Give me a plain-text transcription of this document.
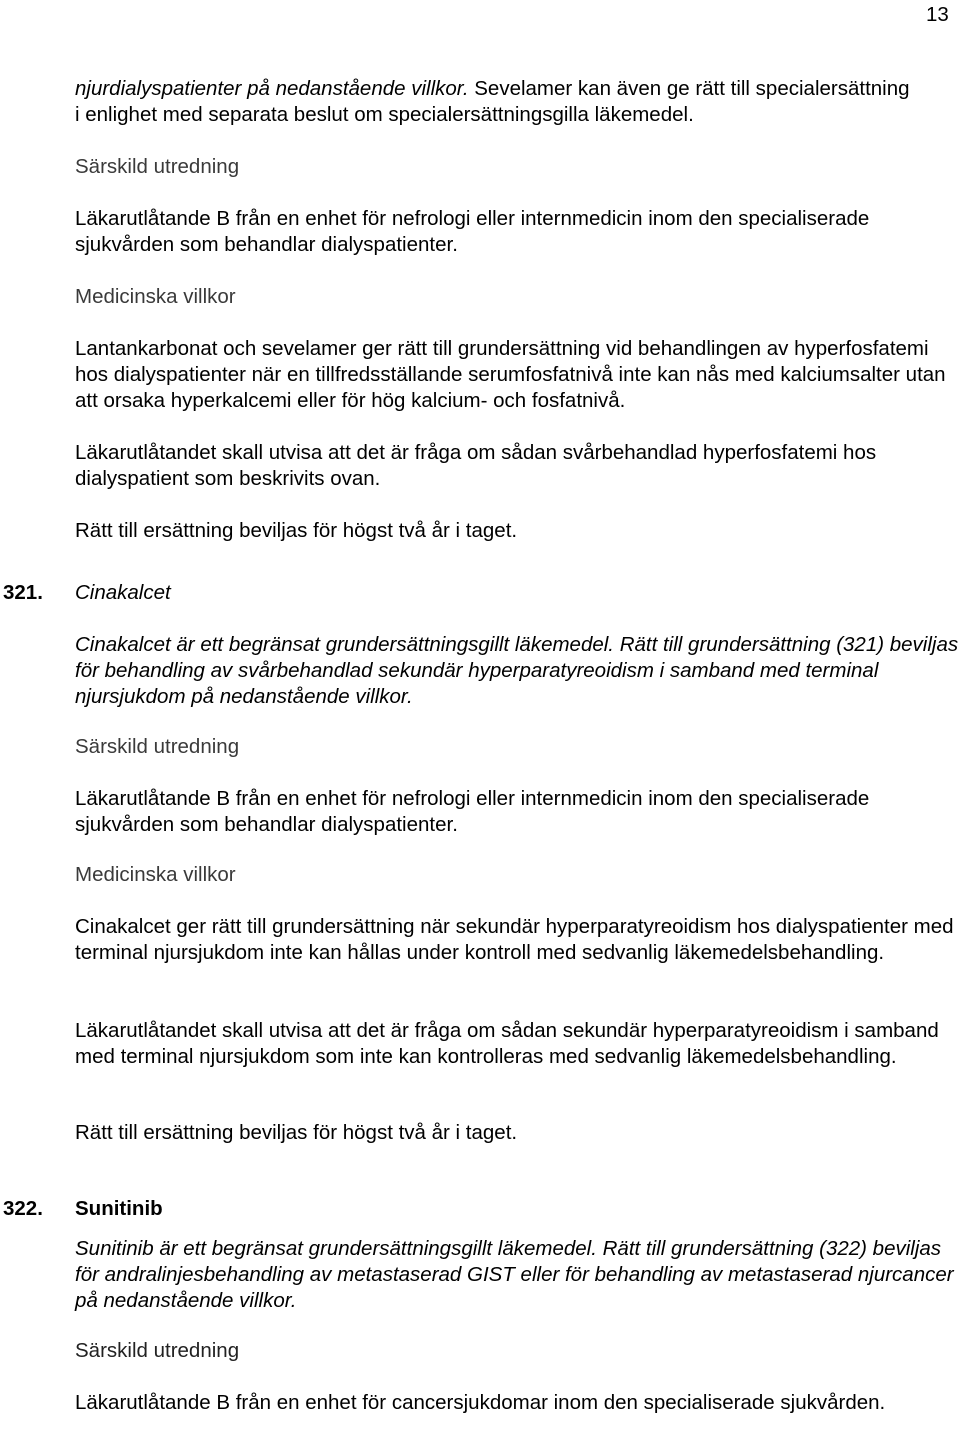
13

njurdialyspatienter på nedanstående villkor. Sevelamer kan även ge rätt till specialersättning i enlighet med separata beslut om specialersättningsgilla läkemedel.

Särskild utredning

Läkarutlåtande B från en enhet för nefrologi eller internmedicin inom den specialiserade sjukvården som behandlar dialyspatienter.

Medicinska villkor

Lantankarbonat och sevelamer ger rätt till grundersättning vid behandlingen av hyperfosfatemi hos dialyspatienter när en tillfredsställande serumfosfatnivå inte kan nås med kalciumsalter utan att orsaka hyperkalcemi eller för hög kalcium- och fosfatnivå.

Läkarutlåtandet skall utvisa att det är fråga om sådan svårbehandlad hyperfosfatemi hos dialyspatient som beskrivits ovan.

Rätt till ersättning beviljas för högst två år i taget.

321. Cinakalcet

Cinakalcet är ett begränsat grundersättningsgillt läkemedel. Rätt till grundersättning (321) beviljas för behandling av svårbehandlad sekundär hyperparatyreoidism i samband med terminal njursjukdom på nedanstående villkor.

Särskild utredning

Läkarutlåtande B från en enhet för nefrologi eller internmedicin inom den specialiserade sjukvården som behandlar dialyspatienter.

Medicinska villkor

Cinakalcet ger rätt till grundersättning när sekundär hyperparatyreoidism hos dialyspatienter med terminal njursjukdom inte kan hållas under kontroll med sedvanlig läkemedelsbehandling.

Läkarutlåtandet skall utvisa att det är fråga om sådan sekundär hyperparatyreoidism i samband med terminal njursjukdom som inte kan kontrolleras med sedvanlig läkemedelsbehandling.

Rätt till ersättning beviljas för högst två år i taget.

322. Sunitinib

Sunitinib är ett begränsat grundersättningsgillt läkemedel. Rätt till grundersättning (322) beviljas för andralinjesbehandling av metastaserad GIST eller för behandling av metastaserad njurcancer på nedanstående villkor.

Särskild utredning

Läkarutlåtande B från en enhet för cancersjukdomar inom den specialiserade sjukvården.
